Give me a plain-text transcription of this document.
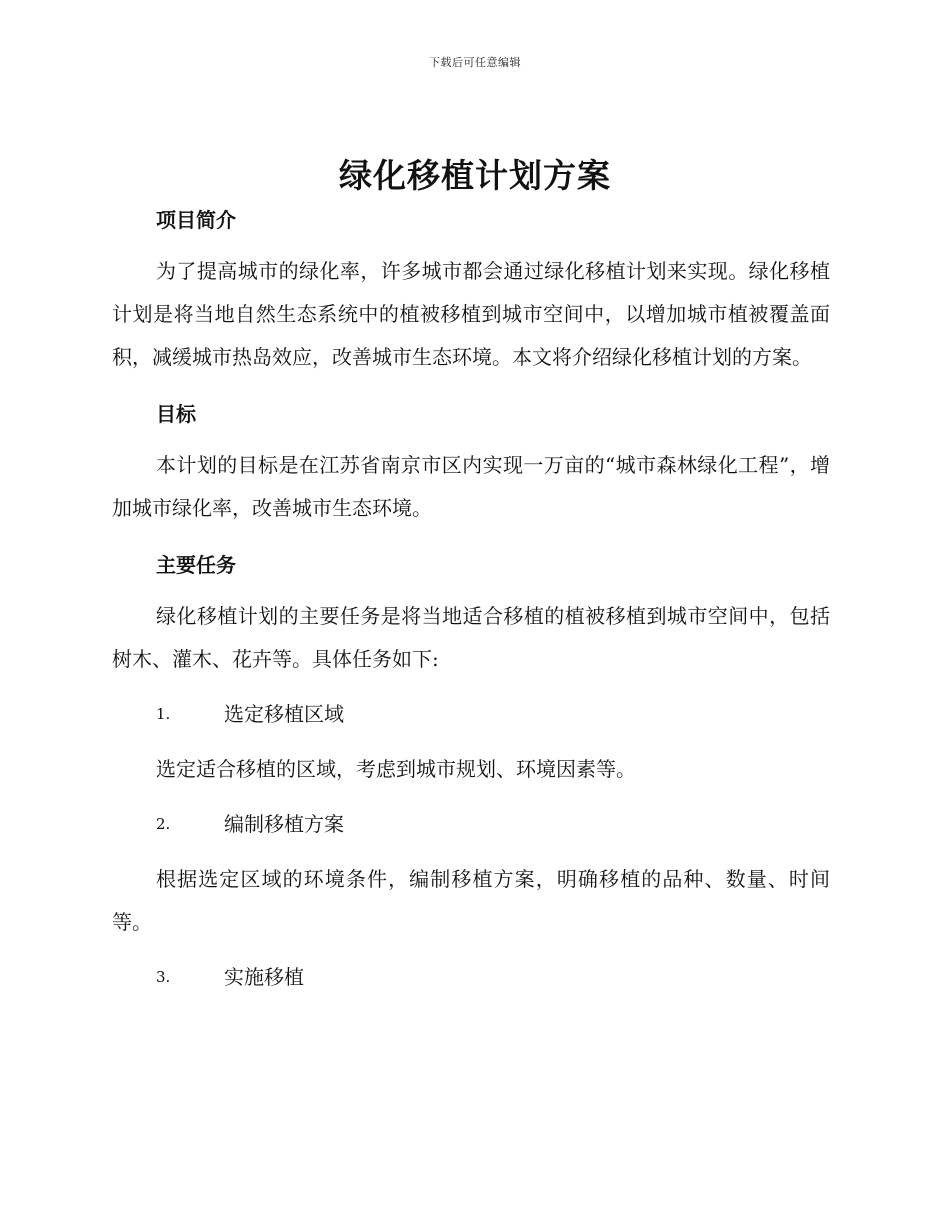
下载后可任意编辑
绿化移植计划方案
项目简介

为了提高城市的绿化率，许多城市都会通过绿化移植计划来实现。绿化移植计划是将当地自然生态系统中的植被移植到城市空间中，以增加城市植被覆盖面积，减缓城市热岛效应，改善城市生态环境。本文将介绍绿化移植计划的方案。

目标

本计划的目标是在江苏省南京市区内实现一万亩的“城市森林绿化工程”，增加城市绿化率，改善城市生态环境。

主要任务

绿化移植计划的主要任务是将当地适合移植的植被移植到城市空间中，包括树木、灌木、花卉等。具体任务如下:

1.	选定移植区域

选定适合移植的区域，考虑到城市规划、环境因素等。

2.	编制移植方案

根据选定区域的环境条件，编制移植方案，明确移植的品种、数量、时间等。

3.	实施移植
